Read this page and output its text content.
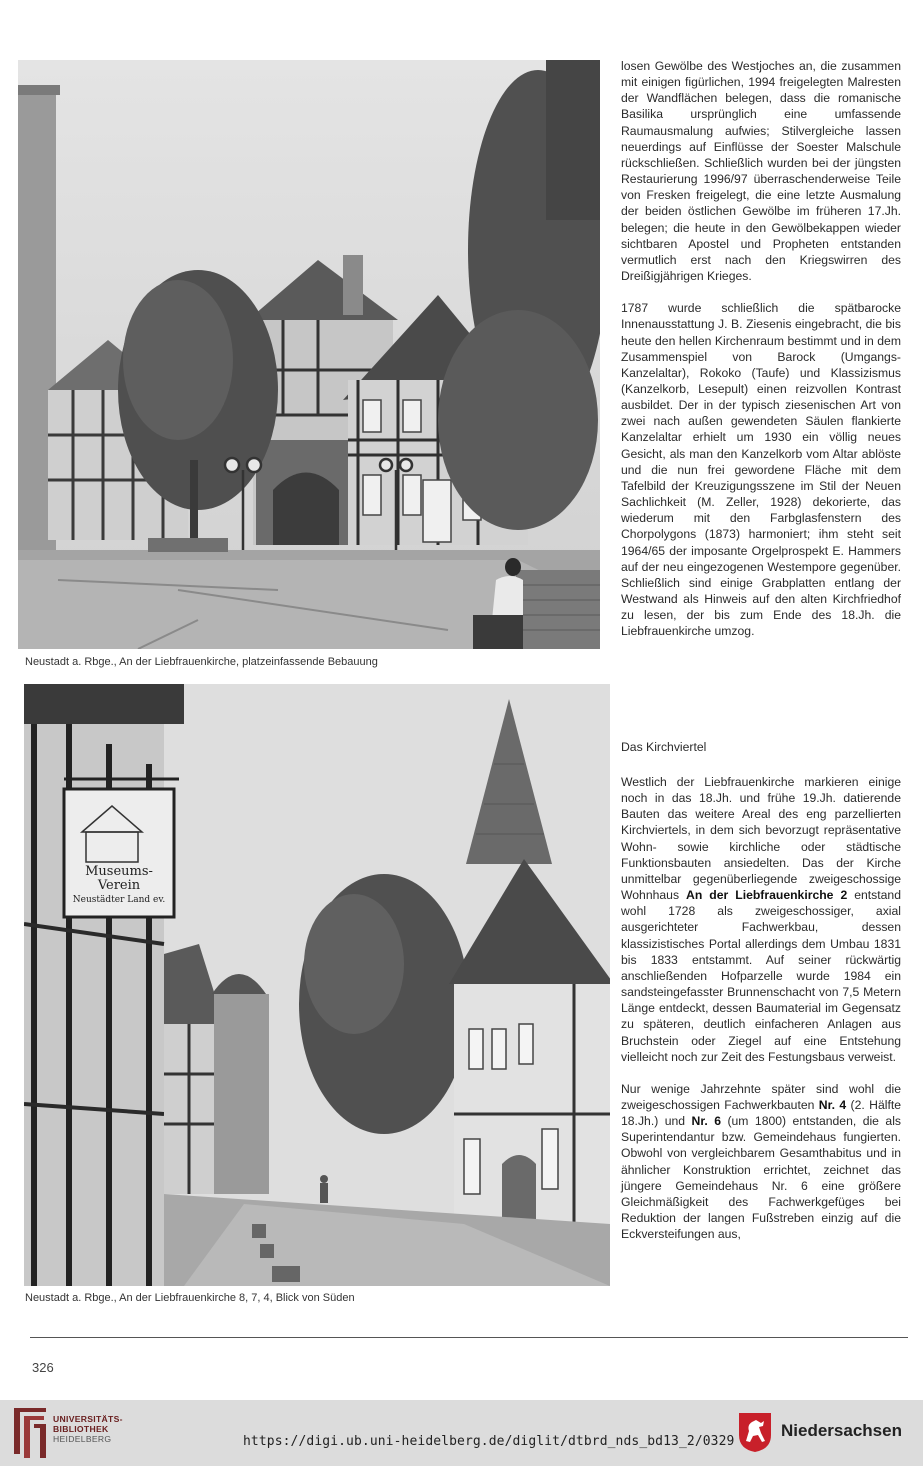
Neustadt a. Rbge., An der Liebfrauenkirche, platzeinfassende Bebauung
Museums-
Verein
Neustädter Land ev.
Neustadt a. Rbge., An der Liebfrauenkirche 8, 7, 4, Blick von Süden

losen Gewölbe des Westjoches an, die zusammen mit einigen figürlichen, 1994 freigelegten Malresten der Wandflächen belegen, dass die romanische Basilika ursprünglich eine umfassende Raumausmalung aufwies; Stilvergleiche lassen neuerdings auf Einflüsse der Soester Malschule rückschließen. Schließlich wurden bei der jüngsten Restaurierung 1996/97 überraschenderweise Teile von Fresken freigelegt, die eine letzte Ausmalung der beiden östlichen Gewölbe im früheren 17.Jh. belegen; die heute in den Gewölbekappen wieder sichtbaren Apostel und Propheten entstanden vermutlich erst nach den Kriegswirren des Dreißigjährigen Krieges.

1787 wurde schließlich die spätbarocke Innenausstattung J. B. Ziesenis eingebracht, die bis heute den hellen Kirchenraum bestimmt und in dem Zusammenspiel von Barock (Umgangs-Kanzelaltar), Rokoko (Taufe) und Klassizismus (Kanzelkorb, Lesepult) einen reizvollen Kontrast ausbildet. Der in der typisch ziesenischen Art von zwei nach außen gewendeten Säulen flankierte Kanzelaltar erhielt um 1930 ein völlig neues Gesicht, als man den Kanzelkorb vom Altar ablöste und die nun frei gewordene Fläche mit dem Tafelbild der Kreuzigungsszene im Stil der Neuen Sachlichkeit (M. Zeller, 1928) dekorierte, das wiederum mit den Farbglasfenstern des Chorpolygons (1873) harmoniert; ihm steht seit 1964/65 der imposante Orgelprospekt E. Hammers auf der neu eingezogenen Westempore gegenüber. Schließlich sind einige Grabplatten entlang der Westwand als Hinweis auf den alten Kirchfriedhof zu lesen, der bis zum Ende des 18.Jh. die Liebfrauenkirche umzog.

Das Kirchviertel

Westlich der Liebfrauenkirche markieren einige noch in das 18.Jh. und frühe 19.Jh. datierende Bauten das weitere Areal des eng parzellierten Kirchviertels, in dem sich bevorzugt repräsentative Wohn- sowie kirchliche oder städtische Funktionsbauten ansiedelten. Das der Kirche unmittelbar gegenüberliegende zweigeschossige Wohnhaus An der Liebfrauenkirche 2 entstand wohl 1728 als zweigeschossiger, axial ausgerichteter Fachwerkbau, dessen klassizistisches Portal allerdings dem Umbau 1831 bis 1833 entstammt. Auf seiner rückwärtig anschließenden Hofparzelle wurde 1984 ein sandsteingefasster Brunnenschacht von 7,5 Metern Länge entdeckt, dessen Baumaterial im Gegensatz zu späteren, deutlich einfacheren Anlagen aus Bruchstein oder Ziegel auf eine Entstehung vielleicht noch zur Zeit des Festungsbaus verweist.

Nur wenige Jahrzehnte später sind wohl die zweigeschossigen Fachwerkbauten Nr. 4 (2. Hälfte 18.Jh.) und Nr. 6 (um 1800) entstanden, die als Superintendantur bzw. Gemeindehaus fungierten. Obwohl von vergleichbarem Gesamthabitus und in ähnlicher Konstruktion errichtet, zeichnet das jüngere Gemeindehaus Nr. 6 eine größere Gleichmäßigkeit des Fachwerkgefüges bei Reduktion der langen Fußstreben einzig auf die Eckversteifungen aus,

326
UNIVERSITÄTS-
BIBLIOTHEK
HEIDELBERG	https://digi.ub.uni-heidelberg.de/diglit/dtbrd_nds_bd13_2/0329
Niedersachsen
